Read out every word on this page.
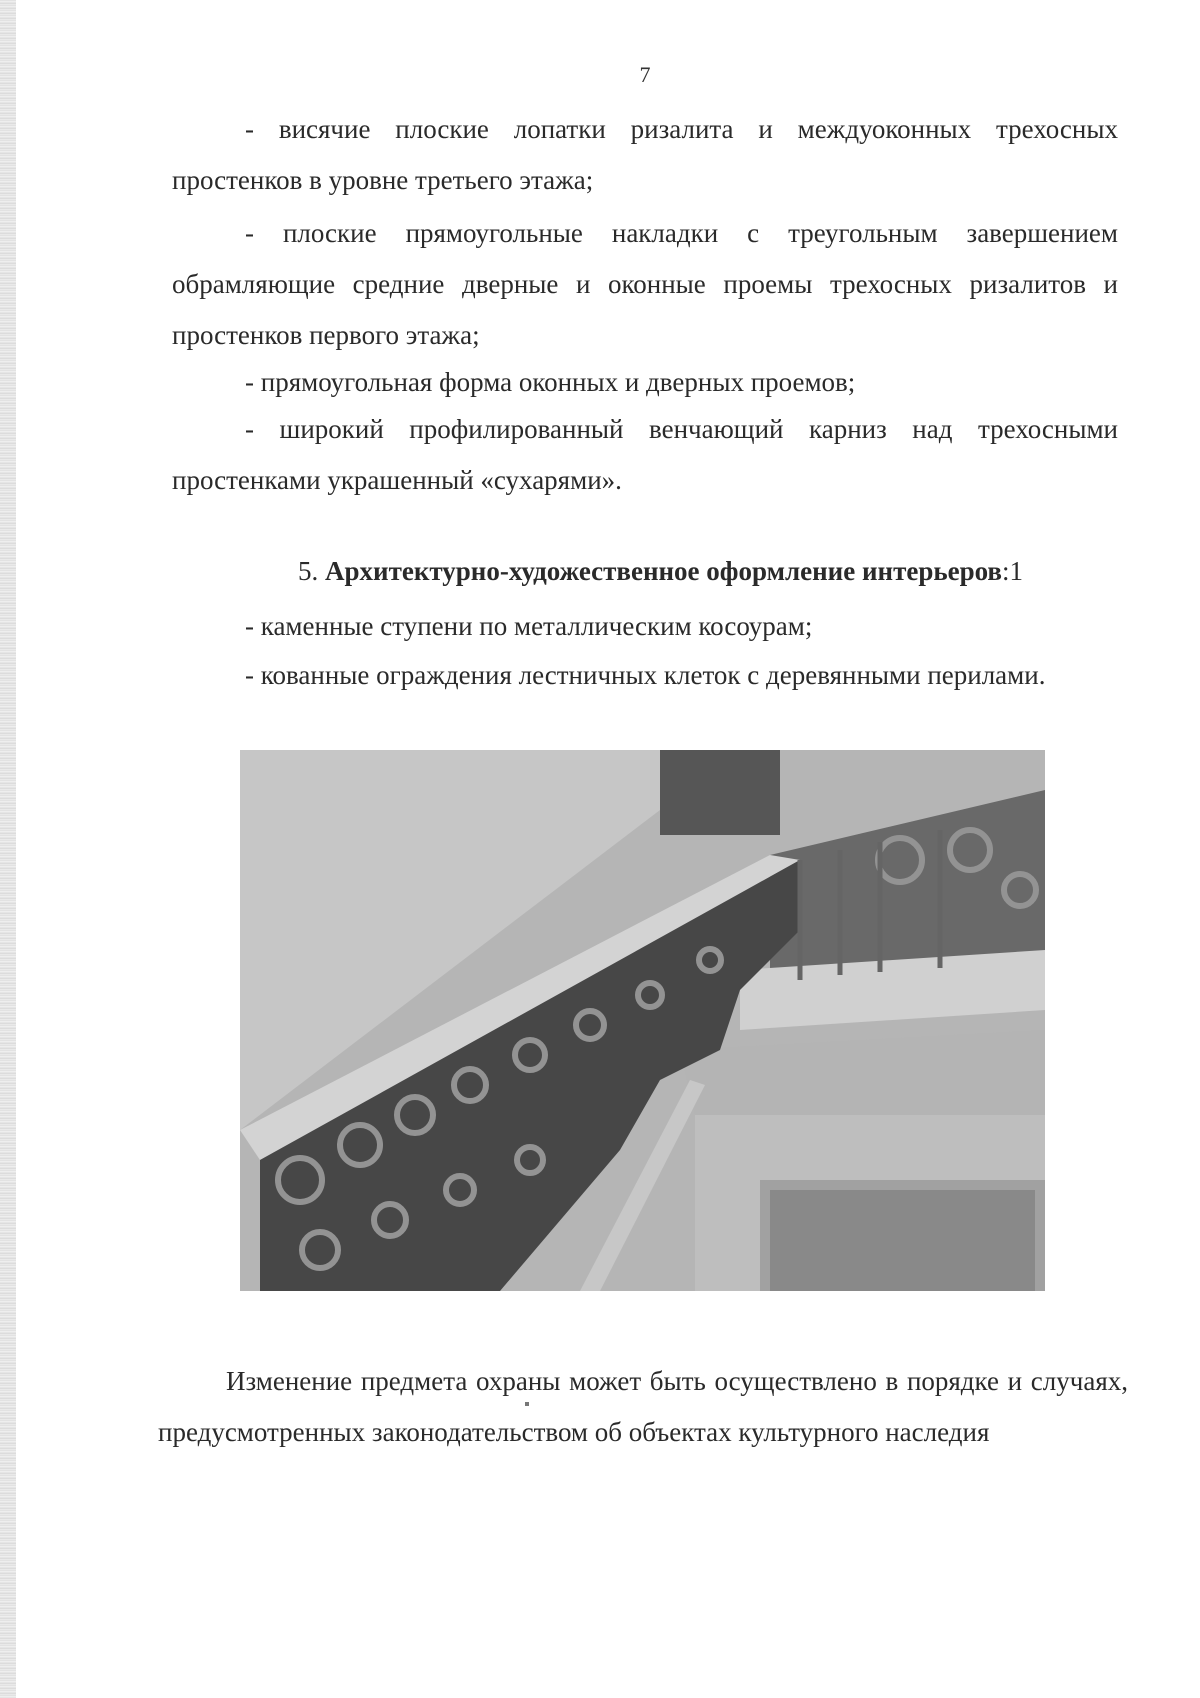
7

- висячие плоские лопатки ризалита и междуоконных трехосных простенков в уровне третьего этажа;

- плоские прямоугольные накладки с треугольным завершением обрамляющие средние дверные и оконные проемы трехосных ризалитов и простенков первого этажа;

- прямоугольная форма оконных и дверных проемов;

- широкий профилированный венчающий карниз над трехосными простенками украшенный «сухарями».

5. Архитектурно-художественное оформление интерьеров:1

- каменные ступени по металлическим косоурам;

- кованные ограждения лестничных клеток с деревянными перилами.

Изменение предмета охраны может быть осуществлено в порядке и случаях, предусмотренных законодательством об объектах культурного наследия
